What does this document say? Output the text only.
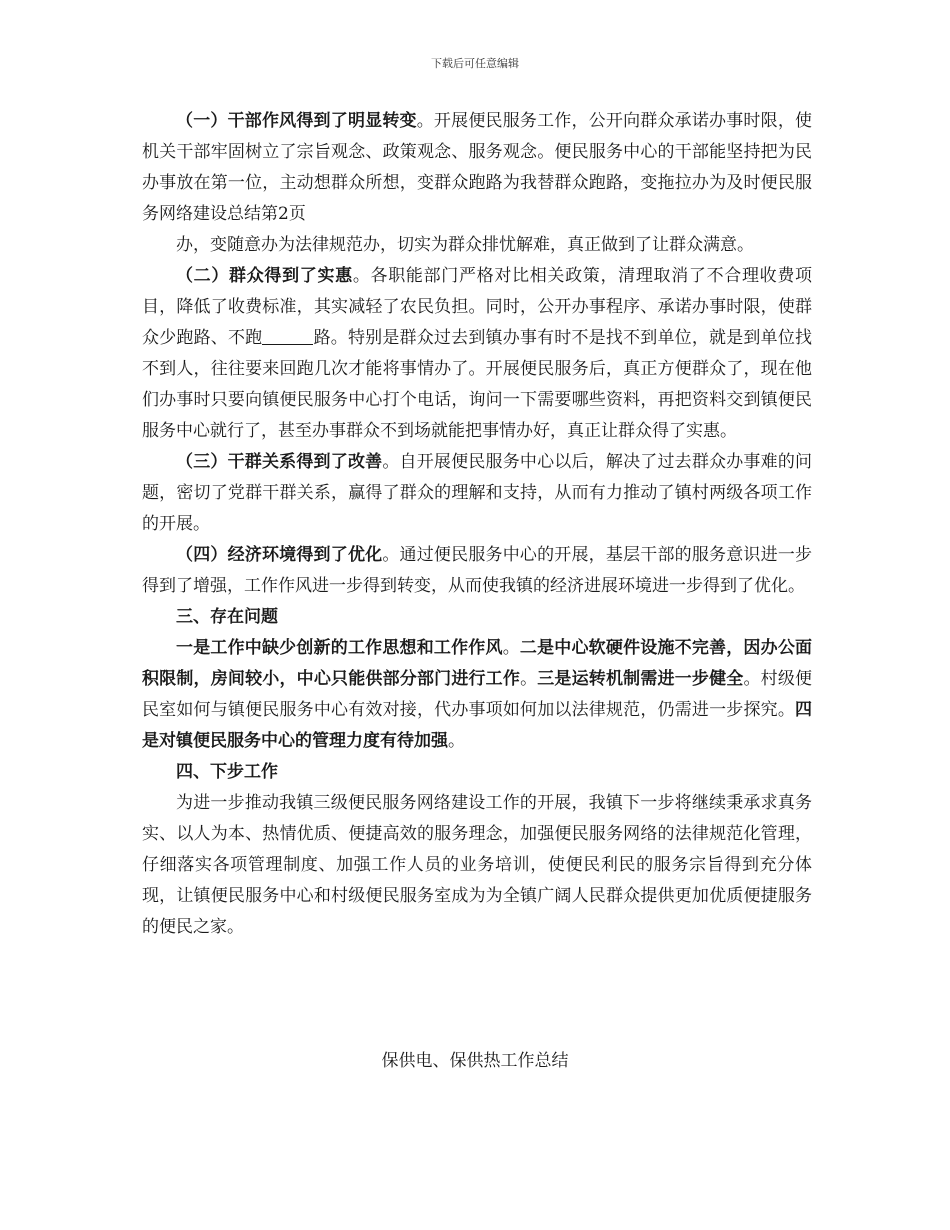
下载后可任意编辑

（一）干部作风得到了明显转变。开展便民服务工作，公开向群众承诺办事时限，使机关干部牢固树立了宗旨观念、政策观念、服务观念。便民服务中心的干部能坚持把为民办事放在第一位，主动想群众所想，变群众跑路为我替群众跑路，变拖拉办为及时便民服务网络建设总结第2页

办，变随意办为法律规范办，切实为群众排忧解难，真正做到了让群众满意。

（二）群众得到了实惠。各职能部门严格对比相关政策，清理取消了不合理收费项目，降低了收费标准，其实减轻了农民负担。同时，公开办事程序、承诺办事时限，使群众少跑路、不跑	路。特别是群众过去到镇办事有时不是找不到单位，就是到单位找不到人，往往要来回跑几次才能将事情办了。开展便民服务后，真正方便群众了，现在他们办事时只要向镇便民服务中心打个电话，询问一下需要哪些资料，再把资料交到镇便民服务中心就行了，甚至办事群众不到场就能把事情办好，真正让群众得了实惠。

（三）干群关系得到了改善。自开展便民服务中心以后，解决了过去群众办事难的问题，密切了党群干群关系，赢得了群众的理解和支持，从而有力推动了镇村两级各项工作的开展。

（四）经济环境得到了优化。通过便民服务中心的开展，基层干部的服务意识进一步得到了增强，工作作风进一步得到转变，从而使我镇的经济进展环境进一步得到了优化。

三、存在问题

一是工作中缺少创新的工作思想和工作作风。二是中心软硬件设施不完善，因办公面积限制，房间较小，中心只能供部分部门进行工作。三是运转机制需进一步健全。村级便民室如何与镇便民服务中心有效对接，代办事项如何加以法律规范，仍需进一步探究。四是对镇便民服务中心的管理力度有待加强。

四、下步工作

为进一步推动我镇三级便民服务网络建设工作的开展，我镇下一步将继续秉承求真务实、以人为本、热情优质、便捷高效的服务理念，加强便民服务网络的法律规范化管理，仔细落实各项管理制度、加强工作人员的业务培训，使便民利民的服务宗旨得到充分体现，让镇便民服务中心和村级便民服务室成为为全镇广阔人民群众提供更加优质便捷服务的便民之家。

保供电、保供热工作总结
